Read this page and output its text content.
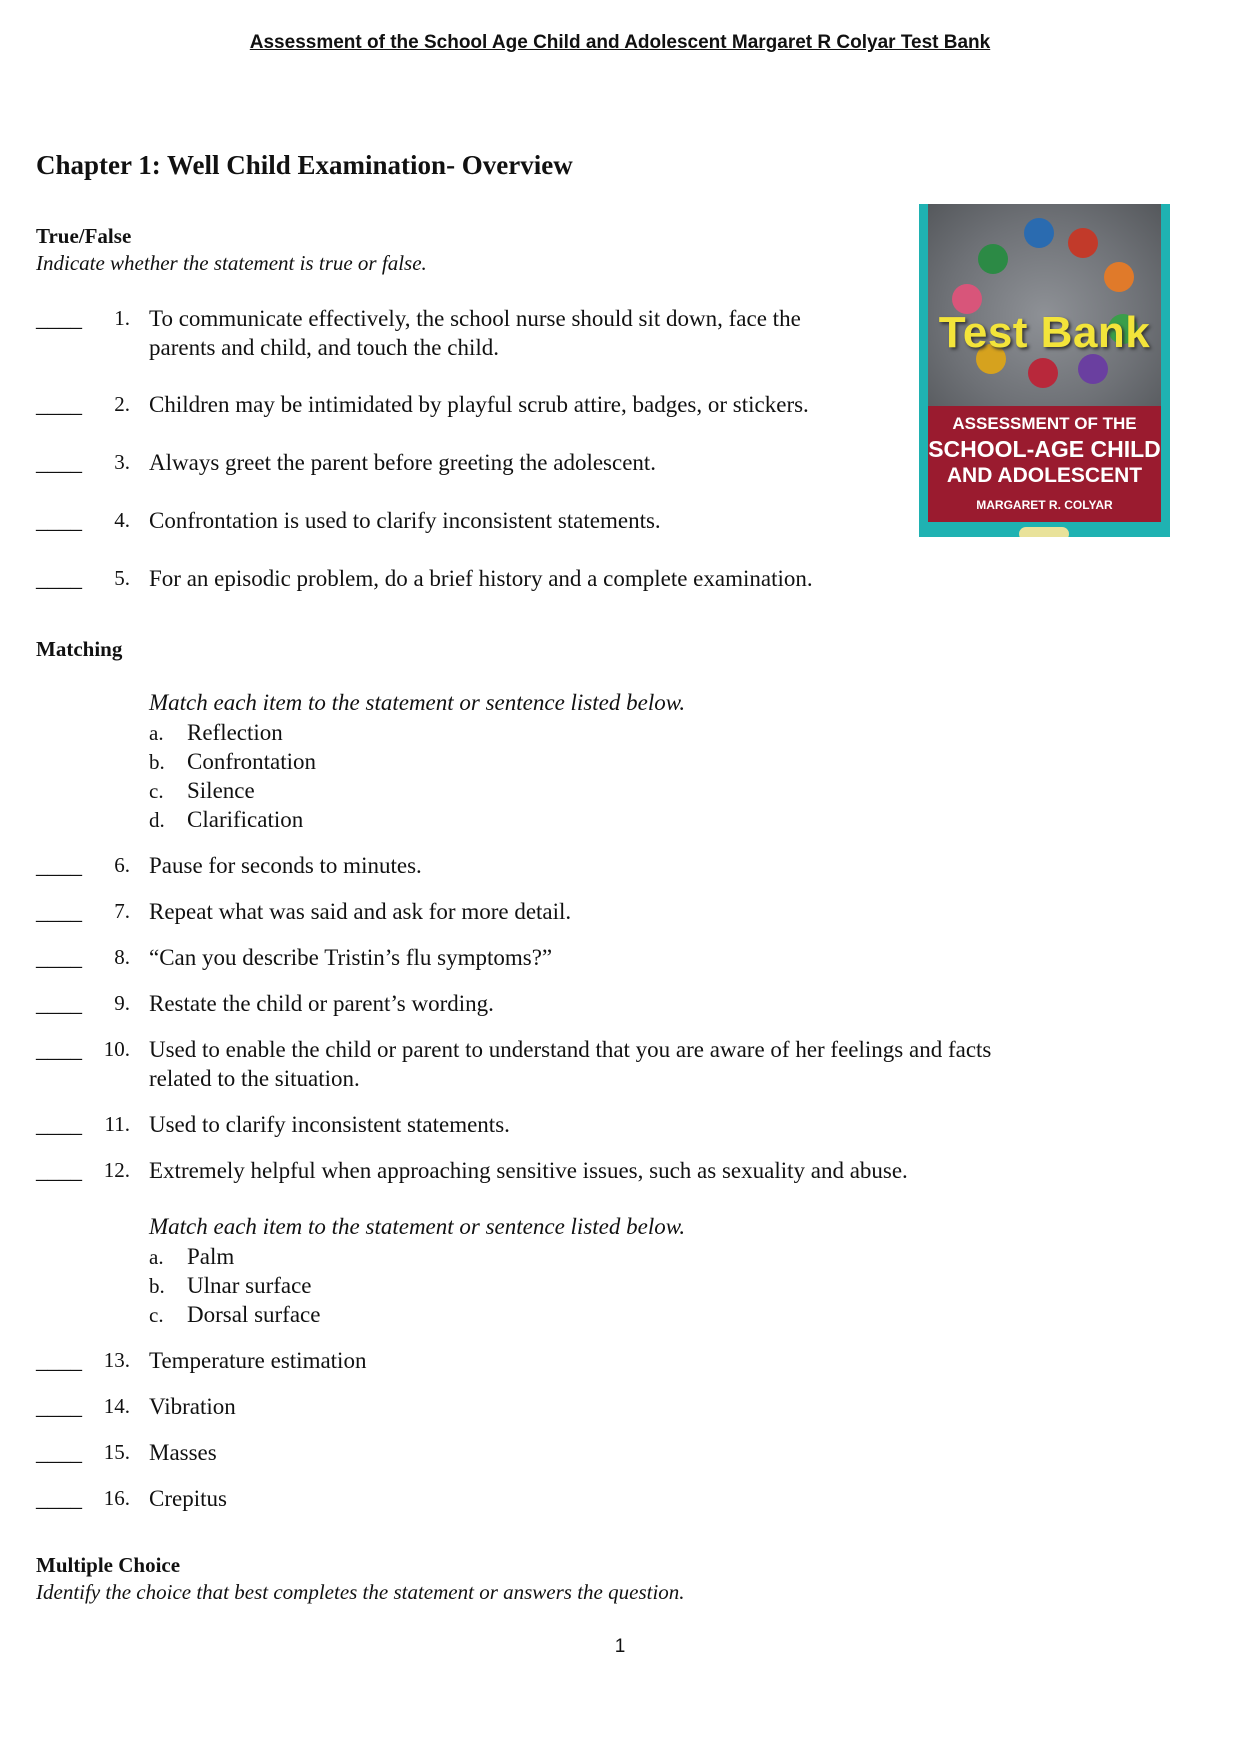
Assessment of the School Age Child and Adolescent Margaret R Colyar Test Bank
Chapter 1: Well Child Examination- Overview
Test Bank
ASSESSMENT OF THE
SCHOOL-AGE CHILD
AND ADOLESCENT
MARGARET R. COLYAR
True/False
Indicate whether the statement is true or false.
____	1. To communicate effectively, the school nurse should sit down, face the
parents and child, and touch the child.
____	2. Children may be intimidated by playful scrub attire, badges, or stickers.
____	3. Always greet the parent before greeting the adolescent.
____	4. Confrontation is used to clarify inconsistent statements.
____	5. For an episodic problem, do a brief history and a complete examination.
Matching
Match each item to the statement or sentence listed below.
a. Reflection
b. Confrontation
c. Silence
d. Clarification
____	6. Pause for seconds to minutes.
____	7. Repeat what was said and ask for more detail.
____	8. “Can you describe Tristin’s flu symptoms?”
____	9. Restate the child or parent’s wording.
____	10. Used to enable the child or parent to understand that you are aware of her feelings and facts
related to the situation.
____	11. Used to clarify inconsistent statements.
____	12. Extremely helpful when approaching sensitive issues, such as sexuality and abuse.
Match each item to the statement or sentence listed below.
a. Palm
b. Ulnar surface
c. Dorsal surface
____	13. Temperature estimation
____	14. Vibration
____	15. Masses
____	16. Crepitus
Multiple Choice
Identify the choice that best completes the statement or answers the question.
1
